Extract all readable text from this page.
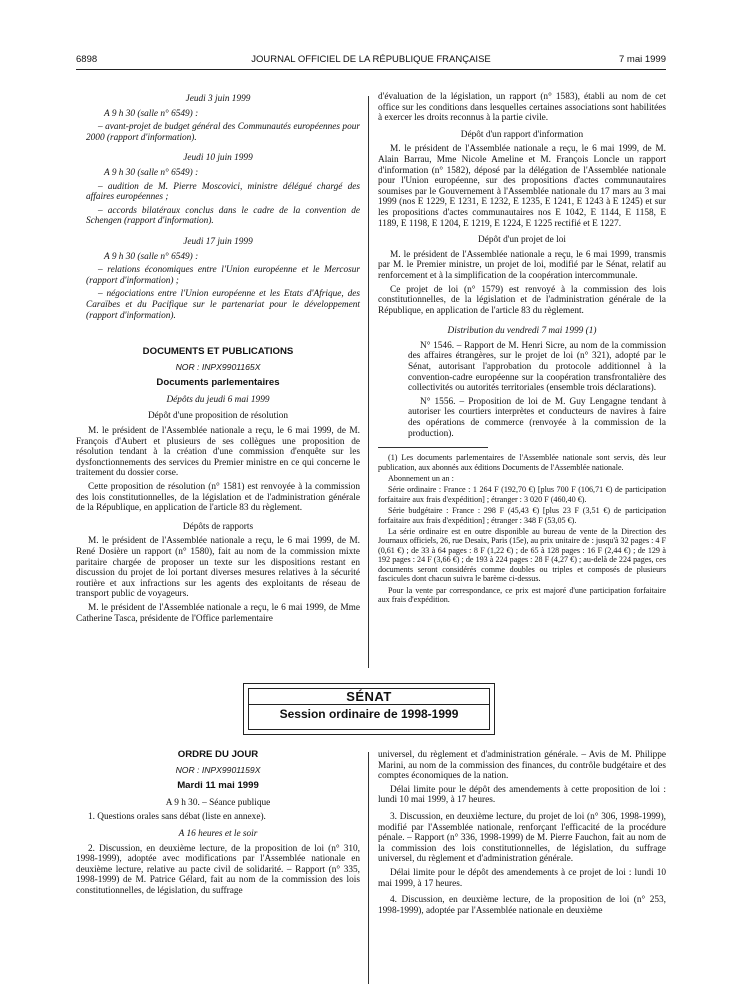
6898	JOURNAL OFFICIEL DE LA RÉPUBLIQUE FRANÇAISE	7 mai 1999
Jeudi 3 juin 1999

A 9 h 30 (salle n° 6549) :

– avant-projet de budget général des Communautés européennes pour 2000 (rapport d'information).

Jeudi 10 juin 1999

A 9 h 30 (salle n° 6549) :

– audition de M. Pierre Moscovici, ministre délégué chargé des affaires européennes ;

– accords bilatéraux conclus dans le cadre de la convention de Schengen (rapport d'information).

Jeudi 17 juin 1999

A 9 h 30 (salle n° 6549) :

– relations économiques entre l'Union européenne et le Mercosur (rapport d'information) ;

– négociations entre l'Union européenne et les Etats d'Afrique, des Caraïbes et du Pacifique sur le partenariat pour le développement (rapport d'information).

DOCUMENTS ET PUBLICATIONS
NOR : INPX9901165X
Documents parlementaires
Dépôts du jeudi 6 mai 1999
Dépôt d'une proposition de résolution

M. le président de l'Assemblée nationale a reçu, le 6 mai 1999, de M. François d'Aubert et plusieurs de ses collègues une proposition de résolution tendant à la création d'une commission d'enquête sur les dysfonctionnements des services du Premier ministre en ce qui concerne le traitement du dossier corse.

Cette proposition de résolution (n° 1581) est renvoyée à la commission des lois constitutionnelles, de la législation et de l'administration générale de la République, en application de l'article 83 du règlement.

Dépôts de rapports

M. le président de l'Assemblée nationale a reçu, le 6 mai 1999, de M. René Dosière un rapport (n° 1580), fait au nom de la commission mixte paritaire chargée de proposer un texte sur les dispositions restant en discussion du projet de loi portant diverses mesures relatives à la sécurité routière et aux infractions sur les agents des exploitants de réseau de transport public de voyageurs.

M. le président de l'Assemblée nationale a reçu, le 6 mai 1999, de Mme Catherine Tasca, présidente de l'Office parlementaire

d'évaluation de la législation, un rapport (n° 1583), établi au nom de cet office sur les conditions dans lesquelles certaines associations sont habilitées à exercer les droits reconnus à la partie civile.

Dépôt d'un rapport d'information

M. le président de l'Assemblée nationale a reçu, le 6 mai 1999, de M. Alain Barrau, Mme Nicole Ameline et M. François Loncle un rapport d'information (n° 1582), déposé par la délégation de l'Assemblée nationale pour l'Union européenne, sur des propositions d'actes communautaires soumises par le Gouvernement à l'Assemblée nationale du 17 mars au 3 mai 1999 (nos E 1229, E 1231, E 1232, E 1235, E 1241, E 1243 à E 1245) et sur les propositions d'actes communautaires nos E 1042, E 1144, E 1158, E 1189, E 1198, E 1204, E 1219, E 1224, E 1225 rectifié et E 1227.

Dépôt d'un projet de loi

M. le président de l'Assemblée nationale a reçu, le 6 mai 1999, transmis par M. le Premier ministre, un projet de loi, modifié par le Sénat, relatif au renforcement et à la simplification de la coopération intercommunale.

Ce projet de loi (n° 1579) est renvoyé à la commission des lois constitutionnelles, de la législation et de l'administration générale de la République, en application de l'article 83 du règlement.

Distribution du vendredi 7 mai 1999 (1)

N° 1546. – Rapport de M. Henri Sicre, au nom de la commission des affaires étrangères, sur le projet de loi (n° 321), adopté par le Sénat, autorisant l'approbation du protocole additionnel à la convention-cadre européenne sur la coopération transfrontalière des collectivités ou autorités territoriales (ensemble trois déclarations).

N° 1556. – Proposition de loi de M. Guy Lengagne tendant à autoriser les courtiers interprètes et conducteurs de navires à faire des opérations de commerce (renvoyée à la commission de la production).

(1) Les documents parlementaires de l'Assemblée nationale sont servis, dès leur publication, aux abonnés aux éditions Documents de l'Assemblée nationale.

Abonnement un an :

Série ordinaire : France : 1 264 F (192,70 €) [plus 700 F (106,71 €) de participation forfaitaire aux frais d'expédition] ; étranger : 3 020 F (460,40 €).

Série budgétaire : France : 298 F (45,43 €) [plus 23 F (3,51 €) de participation forfaitaire aux frais d'expédition] ; étranger : 348 F (53,05 €).

La série ordinaire est en outre disponible au bureau de vente de la Direction des Journaux officiels, 26, rue Desaix, Paris (15e), au prix unitaire de : jusqu'à 32 pages : 4 F (0,61 €) ; de 33 à 64 pages : 8 F (1,22 €) ; de 65 à 128 pages : 16 F (2,44 €) ; de 129 à 192 pages : 24 F (3,66 €) ; de 193 à 224 pages : 28 F (4,27 €) ; au-delà de 224 pages, ces documents seront considérés comme doubles ou triples et composés de plusieurs fascicules dont chacun suivra le barème ci-dessus.

Pour la vente par correspondance, ce prix est majoré d'une participation forfaitaire aux frais d'expédition.

SÉNAT
Session ordinaire de 1998-1999
ORDRE DU JOUR
NOR : INPX9901159X
Mardi 11 mai 1999
A 9 h 30. – Séance publique

1. Questions orales sans débat (liste en annexe).

A 16 heures et le soir

2. Discussion, en deuxième lecture, de la proposition de loi (n° 310, 1998-1999), adoptée avec modifications par l'Assemblée nationale en deuxième lecture, relative au pacte civil de solidarité. – Rapport (n° 335, 1998-1999) de M. Patrice Gélard, fait au nom de la commission des lois constitutionnelles, de législation, du suffrage

universel, du règlement et d'administration générale. – Avis de M. Philippe Marini, au nom de la commission des finances, du contrôle budgétaire et des comptes économiques de la nation.

Délai limite pour le dépôt des amendements à cette proposition de loi : lundi 10 mai 1999, à 17 heures.

3. Discussion, en deuxième lecture, du projet de loi (n° 306, 1998-1999), modifié par l'Assemblée nationale, renforçant l'efficacité de la procédure pénale. – Rapport (n° 336, 1998-1999) de M. Pierre Fauchon, fait au nom de la commission des lois constitutionnelles, de législation, du suffrage universel, du règlement et d'administration générale.

Délai limite pour le dépôt des amendements à ce projet de loi : lundi 10 mai 1999, à 17 heures.

4. Discussion, en deuxième lecture, de la proposition de loi (n° 253, 1998-1999), adoptée par l'Assemblée nationale en deuxième
